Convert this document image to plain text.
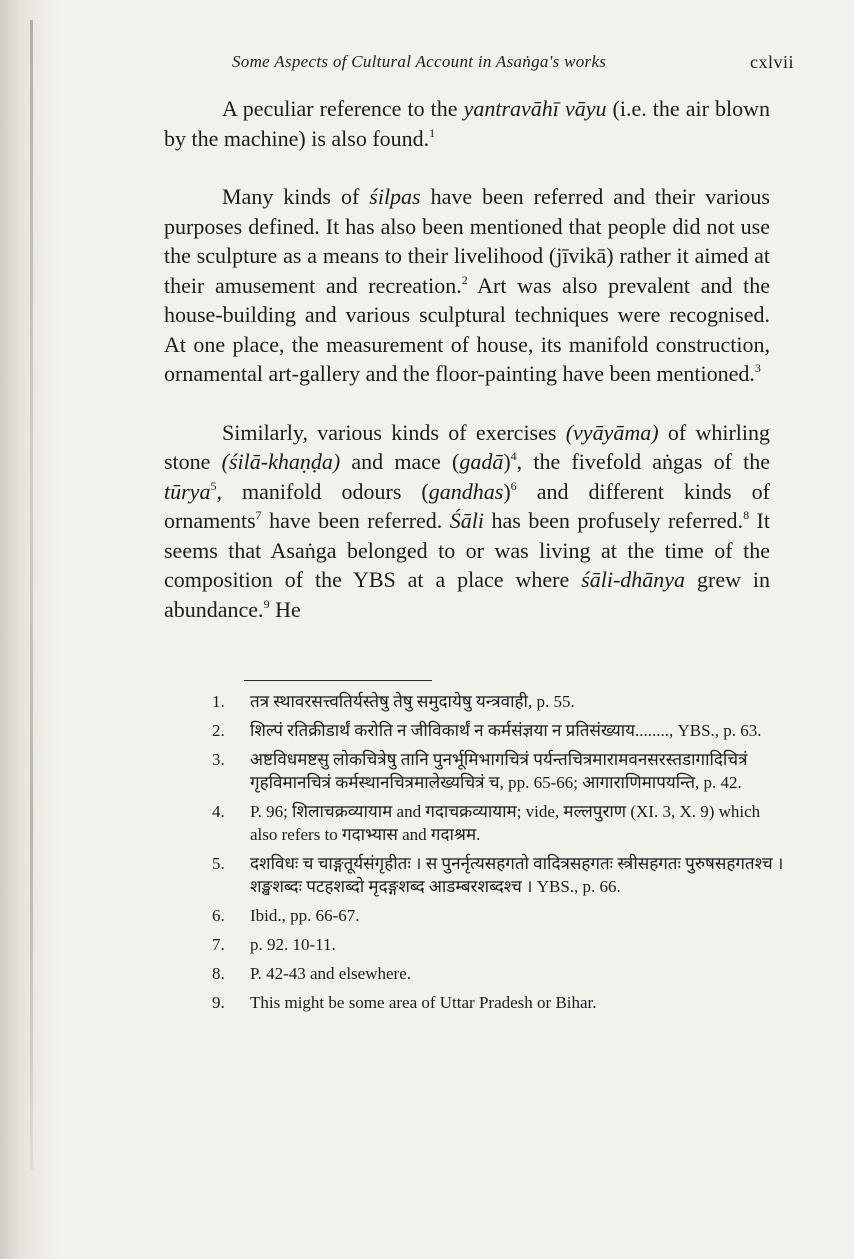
Some Aspects of Cultural Account in Asaṅga's works	cxlvii

A peculiar reference to the yantravāhī vāyu (i.e. the air blown by the machine) is also found.$^1$

Many kinds of śilpas have been referred and their various purposes defined. It has also been mentioned that people did not use the sculpture as a means to their livelihood (jīvikā) rather it aimed at their amusement and recreation.$^2$ Art was also prevalent and the house-building and various sculptural techniques were recognised. At one place, the measurement of house, its manifold construction, ornamental art-gallery and the floor-painting have been mentioned.$^3$

Similarly, various kinds of exercises (vyāyāma) of whirling stone (śilā-khaṇḍa) and mace (gadā)$^4$, the fivefold aṅgas of the tūrya$^5$, manifold odours (gandhas)$^6$ and different kinds of ornaments$^7$ have been referred. Śāli has been profusely referred.$^8$ It seems that Asaṅga belonged to or was living at the time of the composition of the YBS at a place where śāli-dhānya grew in abundance.$^9$ He

1.	तत्र स्थावरसत्त्वतिर्यस्तेषु तेषु समुदायेषु यन्त्रवाही, p. 55.
2.	शिल्पं रतिक्रीडार्थं करोति न जीविकार्थं न कर्मसंज्ञया न प्रतिसंख्याय........, YBS., p. 63.
3.	अष्टविधमष्टसु लोकचित्रेषु तानि पुनर्भूमिभागचित्रं पर्यन्तचित्रमारामवनसरस्तडागादिचित्रं गृहविमानचित्रं कर्मस्थानचित्रमालेख्यचित्रं च, pp. 65-66; आगाराणिमापयन्ति, p. 42.
4.	P. 96; शिलाचक्रव्यायाम and गदाचक्रव्यायाम; vide, मल्लपुराण (XI. 3, X. 9) which also refers to गदाभ्यास and गदाश्रम.
5.	दशविधः च चाङ्गतूर्यसंगृहीतः । स पुनर्नृत्यसहगतो वादित्रसहगतः स्त्रीसहगतः पुरुषसहगतश्च । शङ्खशब्दः पटहशब्दो मृदङ्गशब्द आडम्बरशब्दश्च । YBS., p. 66.
6.	Ibid., pp. 66-67.
7.	p. 92. 10-11.
8.	P. 42-43 and elsewhere.
9.	This might be some area of Uttar Pradesh or Bihar.
